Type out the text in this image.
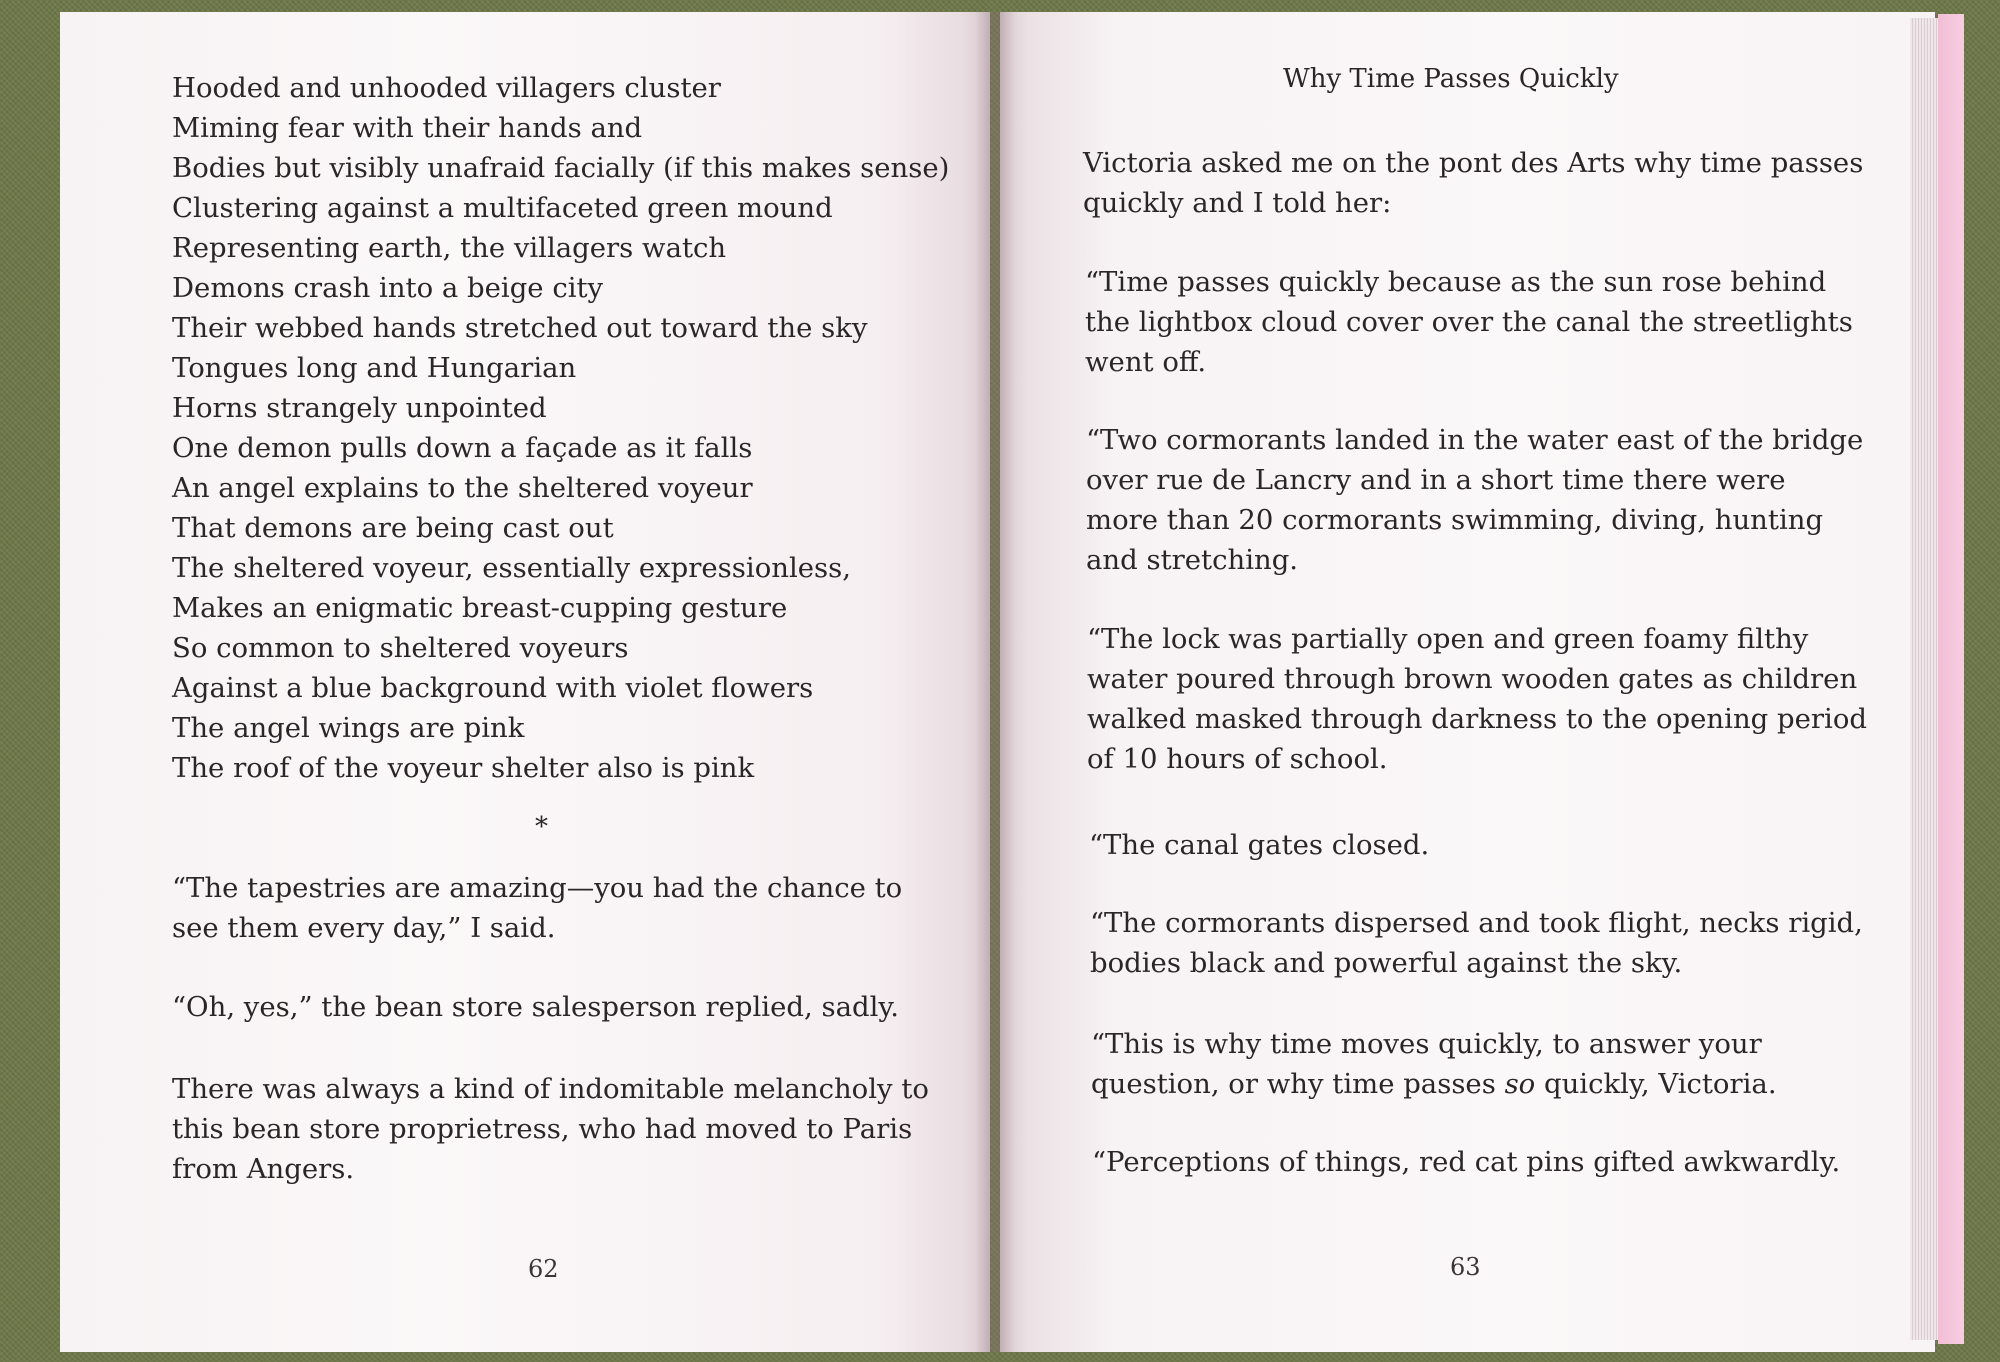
Hooded and unhooded villagers cluster
Miming fear with their hands and
Bodies but visibly unafraid facially (if this makes sense)
Clustering against a multifaceted green mound
Representing earth, the villagers watch
Demons crash into a beige city
Their webbed hands stretched out toward the sky
Tongues long and Hungarian
Horns strangely unpointed
One demon pulls down a façade as it falls
An angel explains to the sheltered voyeur
That demons are being cast out
The sheltered voyeur, essentially expressionless,
Makes an enigmatic breast-cupping gesture
So common to sheltered voyeurs
Against a blue background with violet flowers
The angel wings are pink
The roof of the voyeur shelter also is pink
*
“The tapestries are amazing—you had the chance to
see them every day,” I said.
“Oh, yes,” the bean store salesperson replied, sadly.
There was always a kind of indomitable melancholy to
this bean store proprietress, who had moved to Paris
from Angers.
62
Why Time Passes Quickly
Victoria asked me on the pont des Arts why time passes
quickly and I told her:
“Time passes quickly because as the sun rose behind
the lightbox cloud cover over the canal the streetlights
went off.
“Two cormorants landed in the water east of the bridge
over rue de Lancry and in a short time there were
more than 20 cormorants swimming, diving, hunting
and stretching.
“The lock was partially open and green foamy filthy
water poured through brown wooden gates as children
walked masked through darkness to the opening period
of 10 hours of school.
“The canal gates closed.
“The cormorants dispersed and took flight, necks rigid,
bodies black and powerful against the sky.
“This is why time moves quickly, to answer your
question, or why time passes so quickly, Victoria.
“Perceptions of things, red cat pins gifted awkwardly.
63
